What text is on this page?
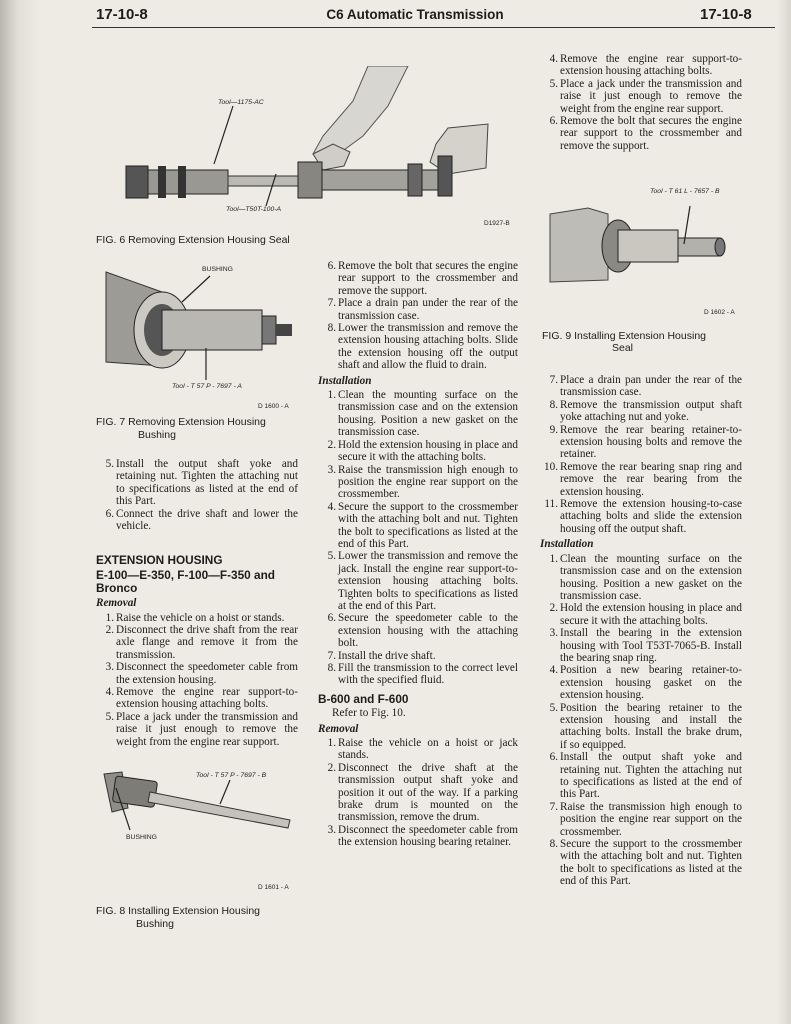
17-10-8	C6 Automatic Transmission	17-10-8
Tool—1175-AC
Tool—T50T-100-A
D1927-B
FIG. 6 Removing Extension Housing Seal
BUSHING
Tool - T 57 P - 7697 - A
D 1600 - A
FIG. 7 Removing Extension Housing
Bushing
5. Install the output shaft yoke and retaining nut. Tighten the attaching nut to specifications as listed at the end of this Part.
6. Connect the drive shaft and lower the vehicle.
EXTENSION HOUSING
E-100—E-350, F-100—F-350 and Bronco
Removal
1. Raise the vehicle on a hoist or stands.
2. Disconnect the drive shaft from the rear axle flange and remove it from the transmission.
3. Disconnect the speedometer cable from the extension housing.
4. Remove the engine rear support-to-extension housing attaching bolts.
5. Place a jack under the transmission and raise it just enough to remove the weight from the engine rear support.
Tool - T 57 P - 7697 - B
BUSHING
D 1601 - A
FIG. 8 Installing Extension Housing
Bushing
6. Remove the bolt that secures the engine rear support to the crossmember and remove the support.
7. Place a drain pan under the rear of the transmission case.
8. Lower the transmission and remove the extension housing attaching bolts. Slide the extension housing off the output shaft and allow the fluid to drain.
Installation
1. Clean the mounting surface on the transmission case and on the extension housing. Position a new gasket on the transmission case.
2. Hold the extension housing in place and secure it with the attaching bolts.
3. Raise the transmission high enough to position the engine rear support on the crossmember.
4. Secure the support to the crossmember with the attaching bolt and nut. Tighten the bolt to specifications as listed at the end of this Part.
5. Lower the transmission and remove the jack. Install the engine rear support-to-extension housing attaching bolts. Tighten bolts to specifications as listed at the end of this Part.
6. Secure the speedometer cable to the extension housing with the attaching bolt.
7. Install the drive shaft.
8. Fill the transmission to the correct level with the specified fluid.
B-600 and F-600
Refer to Fig. 10.
Removal
1. Raise the vehicle on a hoist or jack stands.
2. Disconnect the drive shaft at the transmission output shaft yoke and position it out of the way. If a parking brake drum is mounted on the transmission, remove the drum.
3. Disconnect the speedometer cable from the extension housing bearing retainer.
4. Remove the engine rear support-to-extension housing attaching bolts.
5. Place a jack under the transmission and raise it just enough to remove the weight from the engine rear support.
6. Remove the bolt that secures the engine rear support to the crossmember and remove the support.
Tool - T 61 L - 7657 - B
D 1602 - A
FIG. 9 Installing Extension Housing
Seal
7. Place a drain pan under the rear of the transmission case.
8. Remove the transmission output shaft yoke attaching nut and yoke.
9. Remove the rear bearing retainer-to-extension housing bolts and remove the retainer.
10. Remove the rear bearing snap ring and remove the rear bearing from the extension housing.
11. Remove the extension housing-to-case attaching bolts and slide the extension housing off the output shaft.
Installation
1. Clean the mounting surface on the transmission case and on the extension housing. Position a new gasket on the transmission case.
2. Hold the extension housing in place and secure it with the attaching bolts.
3. Install the bearing in the extension housing with Tool T53T-7065-B. Install the bearing snap ring.
4. Position a new bearing retainer-to-extension housing gasket on the extension housing.
5. Position the bearing retainer to the extension housing and install the attaching bolts. Install the brake drum, if so equipped.
6. Install the output shaft yoke and retaining nut. Tighten the attaching nut to specifications as listed at the end of this Part.
7. Raise the transmission high enough to position the engine rear support on the crossmember.
8. Secure the support to the crossmember with the attaching bolt and nut. Tighten the bolt to specifications as listed at the end of this Part.
